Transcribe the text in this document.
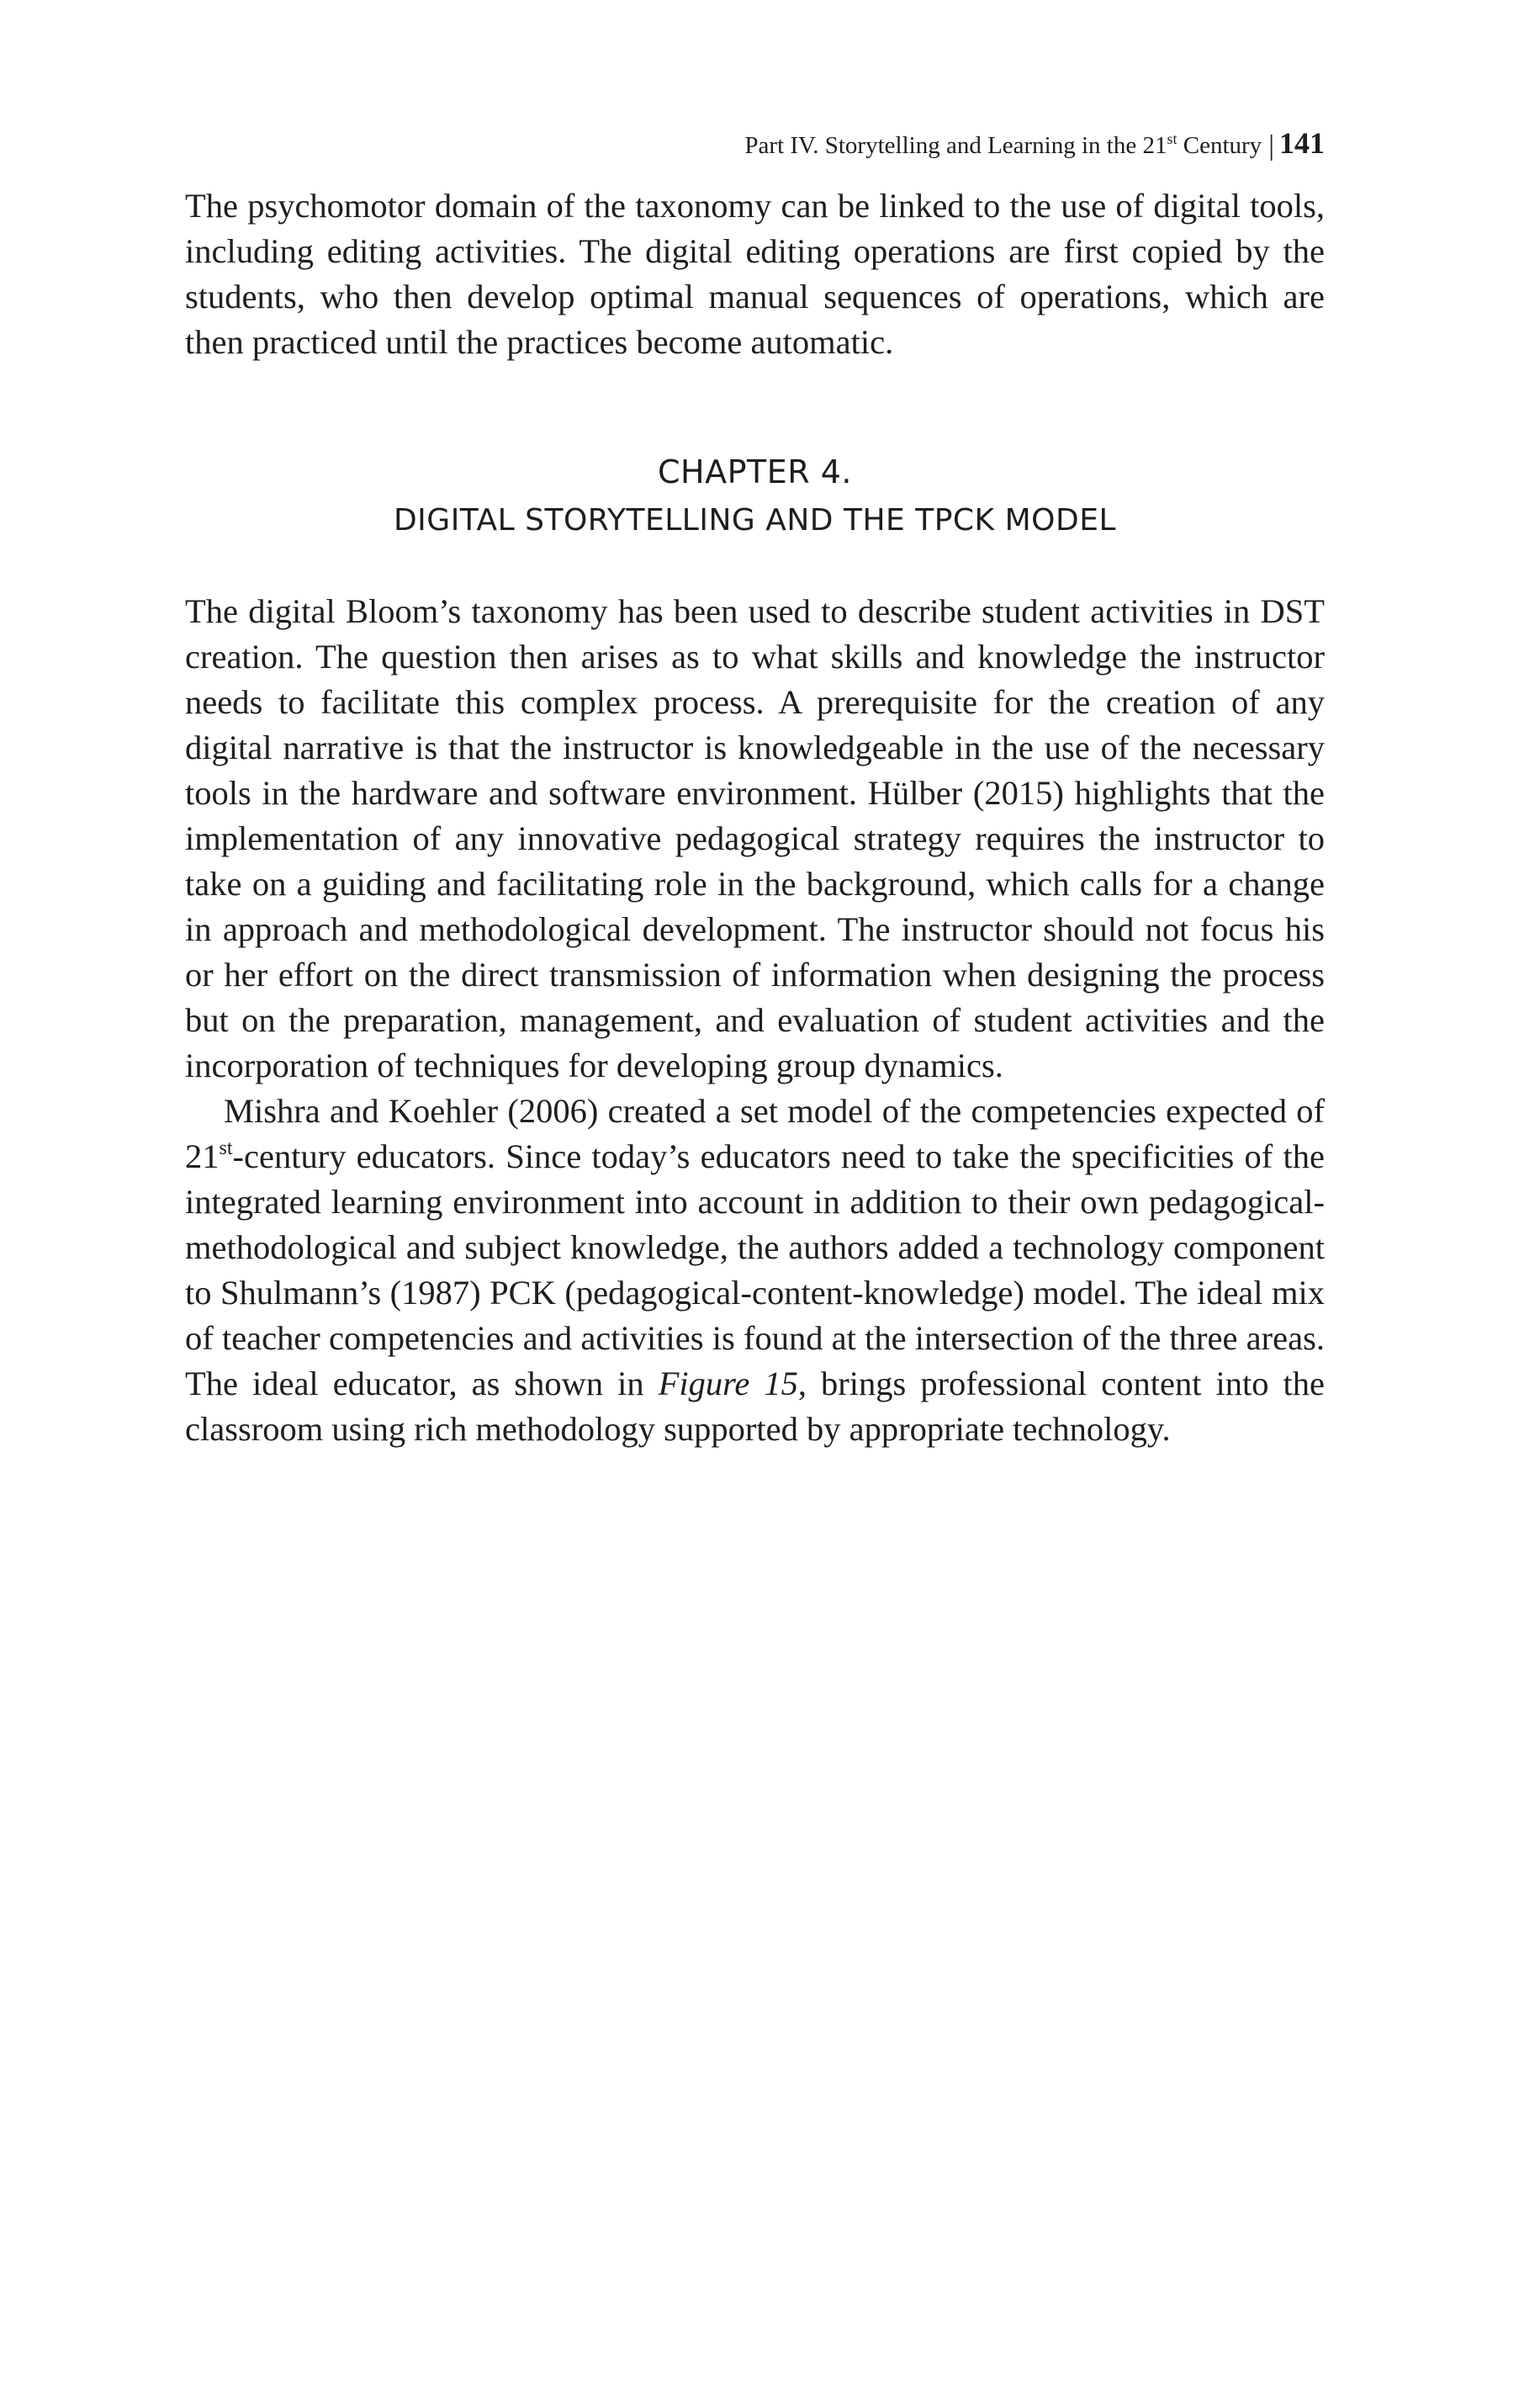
Part IV. Storytelling and Learning in the 21st Century | 141

The psychomotor domain of the taxonomy can be linked to the use of digital tools, including editing activities. The digital editing operations are first copied by the students, who then develop optimal manual sequences of operations, which are then practiced until the practices become automatic.

CHAPTER 4.
DIGITAL STORYTELLING AND THE TPCK MODEL

The digital Bloom’s taxonomy has been used to describe student activities in DST creation. The question then arises as to what skills and knowledge the instructor needs to facilitate this complex process. A prerequisite for the creation of any digital narrative is that the instructor is knowledgeable in the use of the necessary tools in the hardware and software environment. Hülber (2015) highlights that the implementation of any innovative pedagogical strategy requires the instructor to take on a guiding and facilitating role in the background, which calls for a change in approach and methodological development. The instructor should not focus his or her effort on the direct transmission of information when designing the process but on the preparation, management, and evaluation of student activities and the incorporation of techniques for developing group dynamics.

Mishra and Koehler (2006) created a set model of the competencies expected of 21st-century educators. Since today’s educators need to take the specificities of the integrated learning environment into account in addition to their own pedagogical-methodological and subject knowledge, the authors added a technology component to Shulmann’s (1987) PCK (pedagogical-content-knowledge) model. The ideal mix of teacher competencies and activities is found at the intersection of the three areas. The ideal educator, as shown in Figure 15, brings professional content into the classroom using rich methodology supported by appropriate technology.
